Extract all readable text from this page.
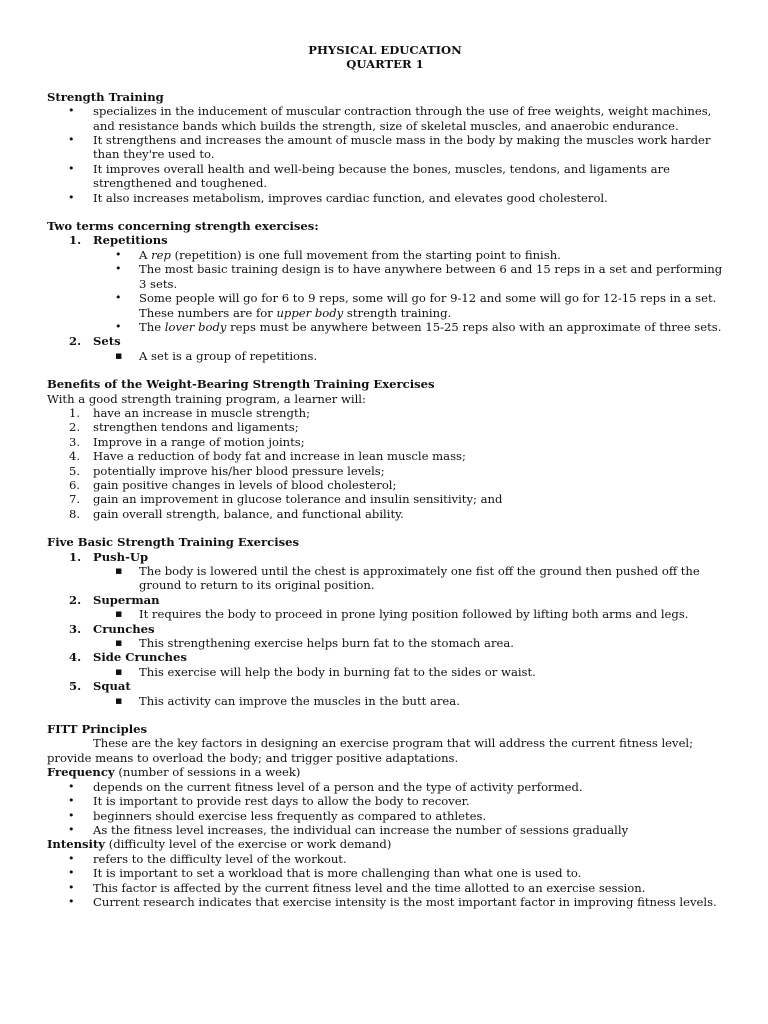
PHYSICAL EDUCATION
QUARTER 1
Strength Training
• specializes in the inducement of muscular contraction through the use of free weights, weight machines, and resistance bands which builds the strength, size of skeletal muscles, and anaerobic endurance.
• It strengthens and increases the amount of muscle mass in the body by making the muscles work harder than they're used to.
• It improves overall health and well-being because the bones, muscles, tendons, and ligaments are strengthened and toughened.
• It also increases metabolism, improves cardiac function, and elevates good cholesterol.
Two terms concerning strength exercises:
1. Repetitions
• A rep (repetition) is one full movement from the starting point to finish.
• The most basic training design is to have anywhere between 6 and 15 reps in a set and performing 3 sets.
• Some people will go for 6 to 9 reps, some will go for 9-12 and some will go for 12-15 reps in a set. These numbers are for upper body strength training.
• The lover body reps must be anywhere between 15-25 reps also with an approximate of three sets.
2. Sets
▪ A set is a group of repetitions.
Benefits of the Weight-Bearing Strength Training Exercises

With a good strength training program, a learner will:

1. have an increase in muscle strength;
2. strengthen tendons and ligaments;
3. Improve in a range of motion joints;
4. Have a reduction of body fat and increase in lean muscle mass;
5. potentially improve his/her blood pressure levels;
6. gain positive changes in levels of blood cholesterol;
7. gain an improvement in glucose tolerance and insulin sensitivity; and
8. gain overall strength, balance, and functional ability.
Five Basic Strength Training Exercises
1. Push-Up
▪ The body is lowered until the chest is approximately one fist off the ground then pushed off the ground to return to its original position.
2. Superman
▪ It requires the body to proceed in prone lying position followed by lifting both arms and legs.
3. Crunches
▪ This strengthening exercise helps burn fat to the stomach area.
4. Side Crunches
▪ This exercise will help the body in burning fat to the sides or waist.
5. Squat
▪ This activity can improve the muscles in the butt area.
FITT Principles

These are the key factors in designing an exercise program that will address the current fitness level; provide means to overload the body; and trigger positive adaptations.

Frequency (number of sessions in a week)

• depends on the current fitness level of a person and the type of activity performed.
• It is important to provide rest days to allow the body to recover.
• beginners should exercise less frequently as compared to athletes.
• As the fitness level increases, the individual can increase the number of sessions gradually

Intensity (difficulty level of the exercise or work demand)

• refers to the difficulty level of the workout.
• It is important to set a workload that is more challenging than what one is used to.
• This factor is affected by the current fitness level and the time allotted to an exercise session.
• Current research indicates that exercise intensity is the most important factor in improving fitness levels.
